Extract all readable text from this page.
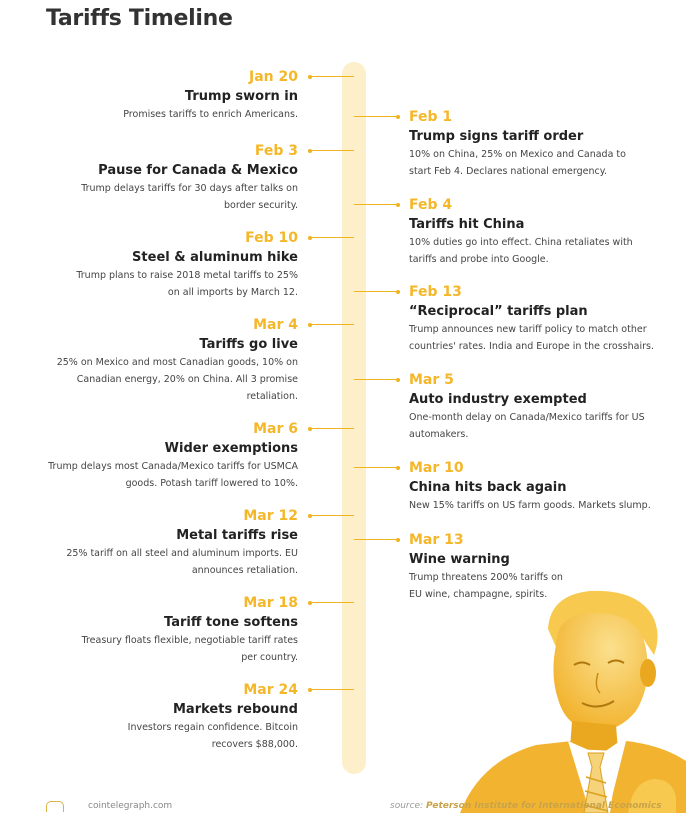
Tariffs Timeline
Jan 20
Trump sworn in
Promises tariffs to enrich Americans.
Feb 3
Pause for Canada & Mexico
Trump delays tariffs for 30 days after talks on
border security.
Feb 10
Steel & aluminum hike
Trump plans to raise 2018 metal tariffs to 25%
on all imports by March 12.
Mar 4
Tariffs go live
25% on Mexico and most Canadian goods, 10% on
Canadian energy, 20% on China. All 3 promise
retaliation.
Mar 6
Wider exemptions
Trump delays most Canada/Mexico tariffs for USMCA
goods. Potash tariff lowered to 10%.
Mar 12
Metal tariffs rise
25% tariff on all steel and aluminum imports. EU
announces retaliation.
Mar 18
Tariff tone softens
Treasury floats flexible, negotiable tariff rates
per country.
Mar 24
Markets rebound
Investors regain confidence. Bitcoin
recovers $88,000.
Feb 1
Trump signs tariff order
10% on China, 25% on Mexico and Canada to
start Feb 4. Declares national emergency.
Feb 4
Tariffs hit China
10% duties go into effect. China retaliates with
tariffs and probe into Google.
Feb 13
“Reciprocal” tariffs plan
Trump announces new tariff policy to match other
countries' rates. India and Europe in the crosshairs.
Mar 5
Auto industry exempted
One-month delay on Canada/Mexico tariffs for US
automakers.
Mar 10
China hits back again
New 15% tariffs on US farm goods. Markets slump.
Mar 13
Wine warning
Trump threatens 200% tariffs on
EU wine, champagne, spirits.
cointelegraph.com	source: Peterson Institute for International Economics
